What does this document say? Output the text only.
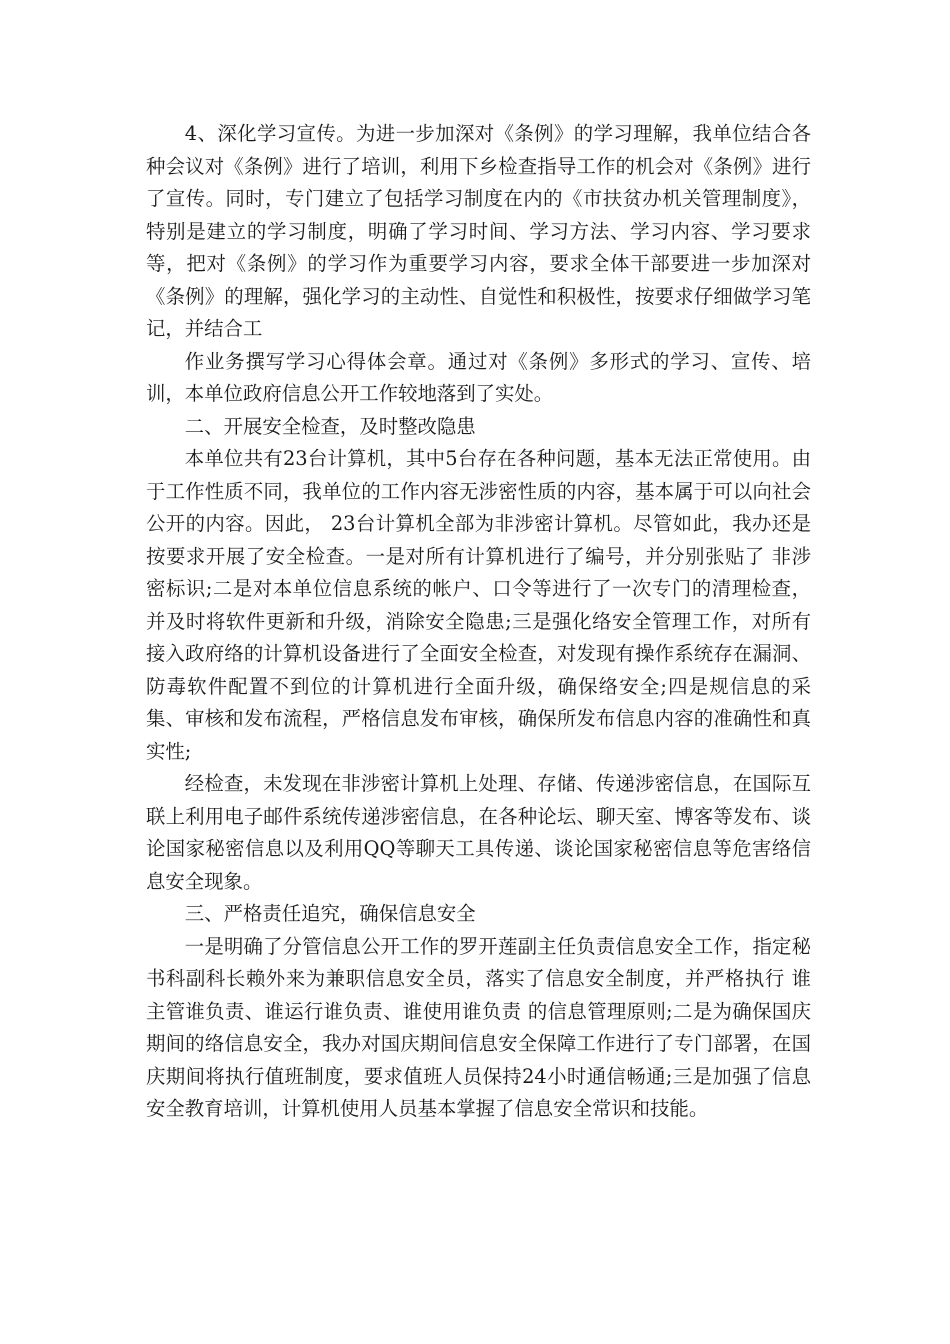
4、深化学习宣传。为进一步加深对《条例》的学习理解，我单位结合各种会议对《条例》进行了培训，利用下乡检查指导工作的机会对《条例》进行了宣传。同时，专门建立了包括学习制度在内的《市扶贫办机关管理制度》，特别是建立的学习制度，明确了学习时间、学习方法、学习内容、学习要求等，把对《条例》的学习作为重要学习内容，要求全体干部要进一步加深对《条例》的理解，强化学习的主动性、自觉性和积极性，按要求仔细做学习笔记，并结合工

作业务撰写学习心得体会章。通过对《条例》多形式的学习、宣传、培训，本单位政府信息公开工作较地落到了实处。

二、开展安全检查，及时整改隐患

本单位共有23台计算机，其中5台存在各种问题，基本无法正常使用。由于工作性质不同，我单位的工作内容无涉密性质的内容，基本属于可以向社会公开的内容。因此， 23台计算机全部为非涉密计算机。尽管如此，我办还是按要求开展了安全检查。一是对所有计算机进行了编号，并分别张贴了 非涉密标识;二是对本单位信息系统的帐户、口令等进行了一次专门的清理检查，并及时将软件更新和升级，消除安全隐患;三是强化络安全管理工作，对所有接入政府络的计算机设备进行了全面安全检查，对发现有操作系统存在漏洞、防毒软件配置不到位的计算机进行全面升级，确保络安全;四是规信息的采集、审核和发布流程，严格信息发布审核，确保所发布信息内容的准确性和真实性;

经检查，未发现在非涉密计算机上处理、存储、传递涉密信息，在国际互联上利用电子邮件系统传递涉密信息，在各种论坛、聊天室、博客等发布、谈论国家秘密信息以及利用QQ等聊天工具传递、谈论国家秘密信息等危害络信息安全现象。

三、严格责任追究，确保信息安全

一是明确了分管信息公开工作的罗开莲副主任负责信息安全工作，指定秘书科副科长赖外来为兼职信息安全员，落实了信息安全制度，并严格执行 谁主管谁负责、谁运行谁负责、谁使用谁负责 的信息管理原则;二是为确保国庆期间的络信息安全，我办对国庆期间信息安全保障工作进行了专门部署，在国庆期间将执行值班制度，要求值班人员保持24小时通信畅通;三是加强了信息安全教育培训，计算机使用人员基本掌握了信息安全常识和技能。
